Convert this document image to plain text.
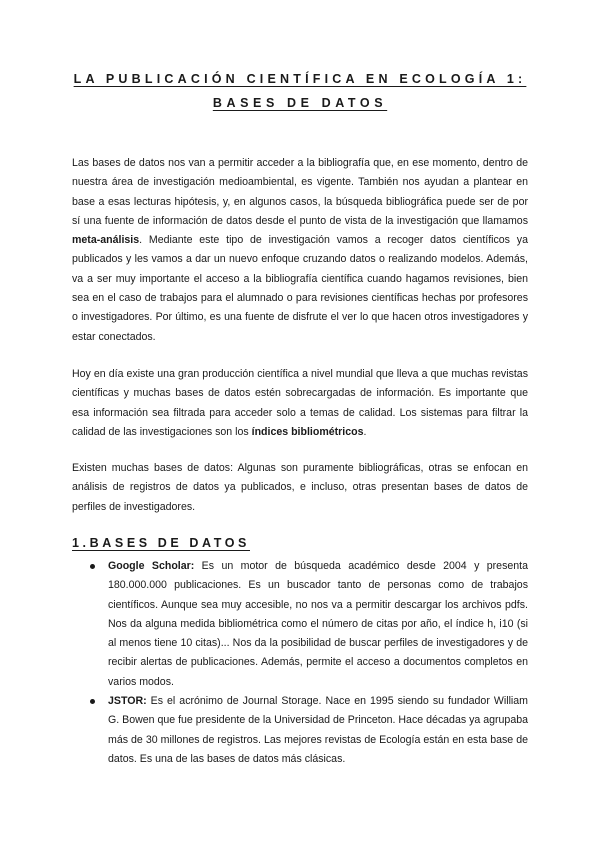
LA PUBLICACIÓN CIENTÍFICA EN ECOLOGÍA 1:
BASES DE DATOS

Las bases de datos nos van a permitir acceder a la bibliografía que, en ese momento, dentro de nuestra área de investigación medioambiental, es vigente. También nos ayudan a plantear en base a esas lecturas hipótesis, y, en algunos casos, la búsqueda bibliográfica puede ser de por sí una fuente de información de datos desde el punto de vista de la investigación que llamamos meta-análisis. Mediante este tipo de investigación vamos a recoger datos científicos ya publicados y les vamos a dar un nuevo enfoque cruzando datos o realizando modelos. Además, va a ser muy importante el acceso a la bibliografía científica cuando hagamos revisiones, bien sea en el caso de trabajos para el alumnado o para revisiones científicas hechas por profesores o investigadores. Por último, es una fuente de disfrute el ver lo que hacen otros investigadores y estar conectados.

Hoy en día existe una gran producción científica a nivel mundial que lleva a que muchas revistas científicas y muchas bases de datos estén sobrecargadas de información. Es importante que esa información sea filtrada para acceder solo a temas de calidad. Los sistemas para filtrar la calidad de las investigaciones son los índices bibliométricos.

Existen muchas bases de datos: Algunas son puramente bibliográficas, otras se enfocan en análisis de registros de datos ya publicados, e incluso, otras presentan bases de datos de perfiles de investigadores.

1.BASES DE DATOS
Google Scholar: Es un motor de búsqueda académico desde 2004 y presenta 180.000.000 publicaciones. Es un buscador tanto de personas como de trabajos científicos. Aunque sea muy accesible, no nos va a permitir descargar los archivos pdfs. Nos da alguna medida bibliométrica como el número de citas por año, el índice h, i10 (si al menos tiene 10 citas)... Nos da la posibilidad de buscar perfiles de investigadores y de recibir alertas de publicaciones. Además, permite el acceso a documentos completos en varios modos.
JSTOR: Es el acrónimo de Journal Storage. Nace en 1995 siendo su fundador William G. Bowen que fue presidente de la Universidad de Princeton. Hace décadas ya agrupaba más de 30 millones de registros. Las mejores revistas de Ecología están en esta base de datos. Es una de las bases de datos más clásicas.
